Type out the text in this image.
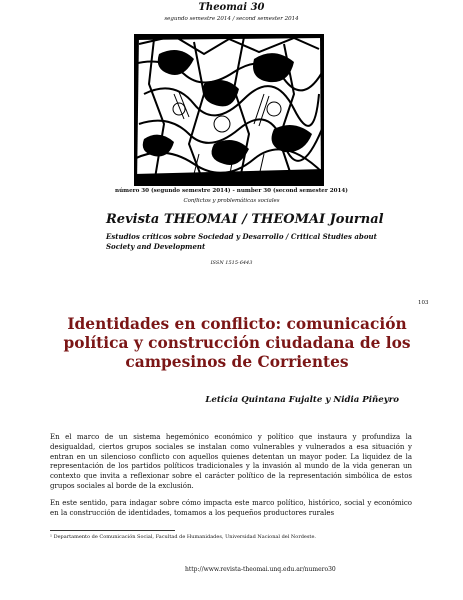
Theomai 30
segundo semestre 2014 / second semester 2014
número 30 (segundo semestre 2014) - number 30 (second semester 2014)
Conflictos y problemáticas sociales
Revista THEOMAI / THEOMAI Journal
Estudios críticos sobre Sociedad y Desarrollo / Critical Studies about Society and Development
ISSN 1515-6443
103
Identidades en conflicto: comunicación política y construcción ciudadana de los campesinos de Corrientes
Leticia Quintana Fujalte y Nidia Piñeyro

En el marco de un sistema hegemónico económico y político que instaura y profundiza la desigualdad, ciertos grupos sociales se instalan como vulnerables y vulnerados a esa situación y entran en un silencioso conflicto con aquellos quienes detentan un mayor poder. La liquidez de la representación de los partidos políticos tradicionales y la invasión al mundo de la vida generan un contexto que invita a reflexionar sobre el carácter político de la representación simbólica de estos grupos sociales al borde de la exclusión.

En este sentido, para indagar sobre cómo impacta este marco político, histórico, social y económico en la construcción de identidades, tomamos a los pequeños productores rurales

¹ Departamento de Comunicación Social, Facultad de Humanidades, Universidad Nacional del Nordeste.
http://www.revista-theomai.unq.edu.ar/numero30
